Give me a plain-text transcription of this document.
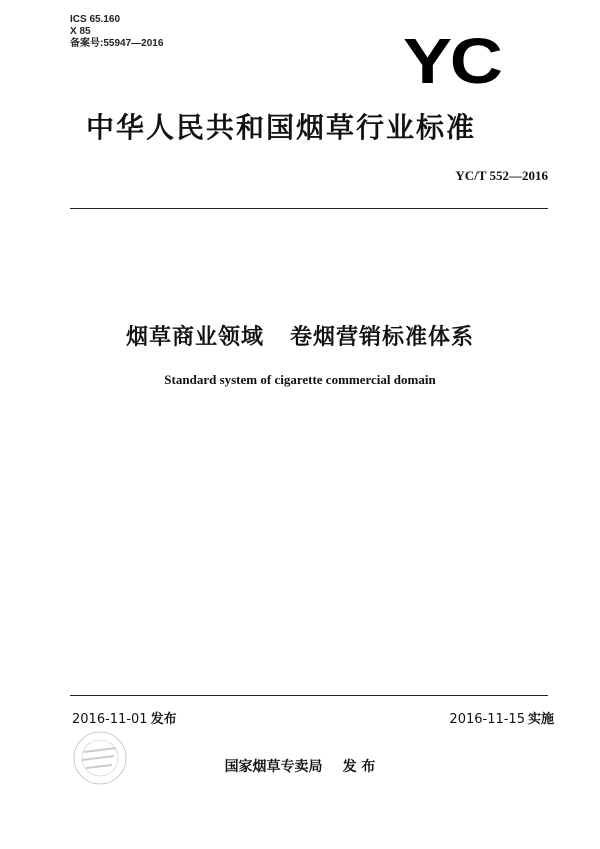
ICS 65.160
X 85
备案号:55947—2016	YC
中华人民共和国烟草行业标准
YC/T 552—2016
烟草商业领域   卷烟营销标准体系
Standard system of cigarette commercial domain
2016-11-01 发布	2016-11-15 实施
国家烟草专卖局 发 布
